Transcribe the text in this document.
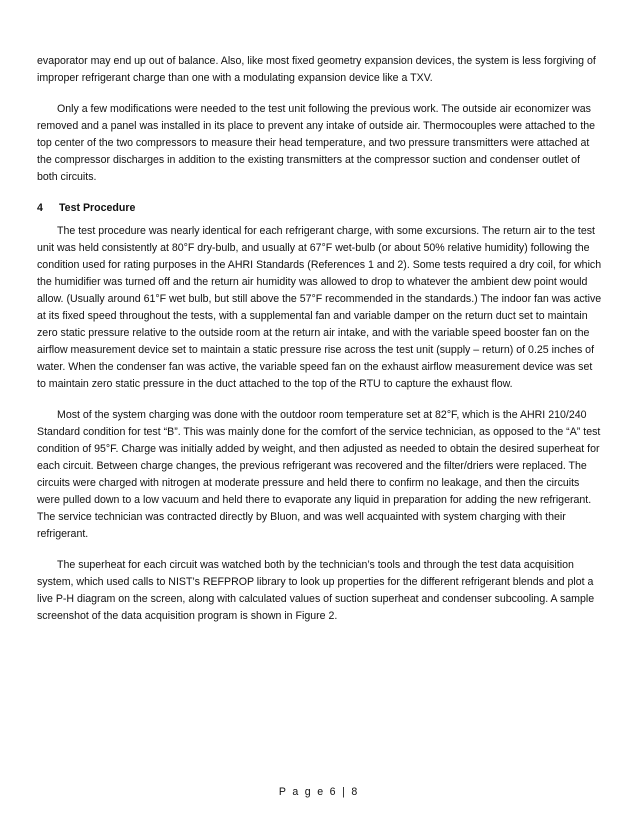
evaporator may end up out of balance. Also, like most fixed geometry expansion devices, the system is less forgiving of improper refrigerant charge than one with a modulating expansion device like a TXV.

Only a few modifications were needed to the test unit following the previous work. The outside air economizer was removed and a panel was installed in its place to prevent any intake of outside air. Thermocouples were attached to the top center of the two compressors to measure their head temperature, and two pressure transmitters were attached at the compressor discharges in addition to the existing transmitters at the compressor suction and condenser outlet of both circuits.

4	Test Procedure

The test procedure was nearly identical for each refrigerant charge, with some excursions. The return air to the test unit was held consistently at 80°F dry-bulb, and usually at 67°F wet-bulb (or about 50% relative humidity) following the condition used for rating purposes in the AHRI Standards (References 1 and 2). Some tests required a dry coil, for which the humidifier was turned off and the return air humidity was allowed to drop to whatever the ambient dew point would allow. (Usually around 61°F wet bulb, but still above the 57°F recommended in the standards.) The indoor fan was active at its fixed speed throughout the tests, with a supplemental fan and variable damper on the return duct set to maintain zero static pressure relative to the outside room at the return air intake, and with the variable speed booster fan on the airflow measurement device set to maintain a static pressure rise across the test unit (supply – return) of 0.25 inches of water. When the condenser fan was active, the variable speed fan on the exhaust airflow measurement device was set to maintain zero static pressure in the duct attached to the top of the RTU to capture the exhaust flow.

Most of the system charging was done with the outdoor room temperature set at 82°F, which is the AHRI 210/240 Standard condition for test “B”. This was mainly done for the comfort of the service technician, as opposed to the “A” test condition of 95°F. Charge was initially added by weight, and then adjusted as needed to obtain the desired superheat for each circuit. Between charge changes, the previous refrigerant was recovered and the filter/driers were replaced. The circuits were charged with nitrogen at moderate pressure and held there to confirm no leakage, and then the circuits were pulled down to a low vacuum and held there to evaporate any liquid in preparation for adding the new refrigerant. The service technician was contracted directly by Bluon, and was well acquainted with system charging with their refrigerant.

The superheat for each circuit was watched both by the technician’s tools and through the test data acquisition system, which used calls to NIST’s REFPROP library to look up properties for the different refrigerant blends and plot a live P-H diagram on the screen, along with calculated values of suction superheat and condenser subcooling. A sample screenshot of the data acquisition program is shown in Figure 2.

P a g e 6 | 8
